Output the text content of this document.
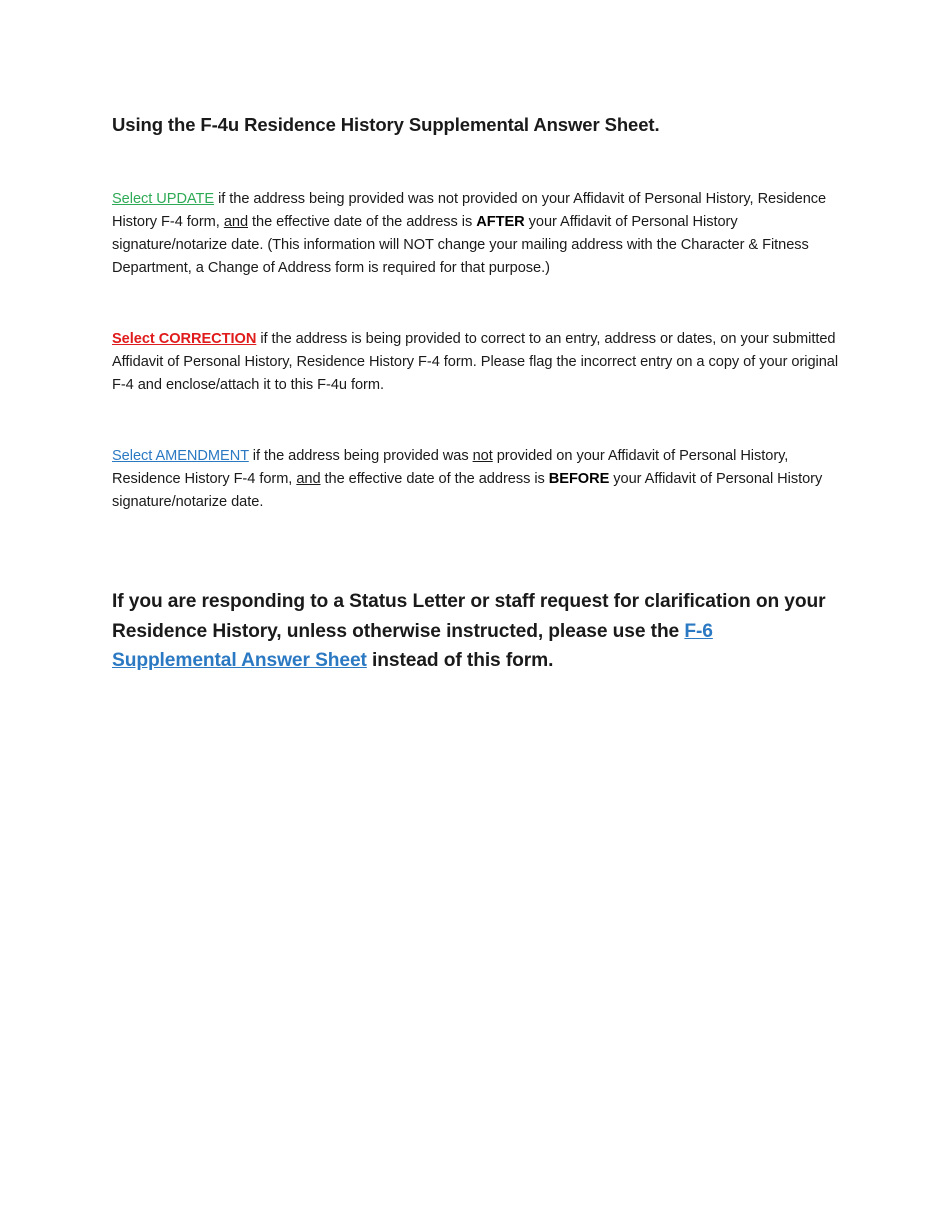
Using the F-4u Residence History Supplemental Answer Sheet.

Select UPDATE if the address being provided was not provided on your Affidavit of Personal History, Residence History F-4 form, and the effective date of the address is AFTER your Affidavit of Personal History signature/notarize date. (This information will NOT change your mailing address with the Character & Fitness Department, a Change of Address form is required for that purpose.)

Select CORRECTION if the address is being provided to correct to an entry, address or dates, on your submitted Affidavit of Personal History, Residence History F-4 form. Please flag the incorrect entry on a copy of your original F-4 and enclose/attach it to this F-4u form.

Select AMENDMENT if the address being provided was not provided on your Affidavit of Personal History, Residence History F-4 form, and the effective date of the address is BEFORE your Affidavit of Personal History signature/notarize date.

If you are responding to a Status Letter or staff request for clarification on your Residence History, unless otherwise instructed, please use the F-6 Supplemental Answer Sheet instead of this form.
